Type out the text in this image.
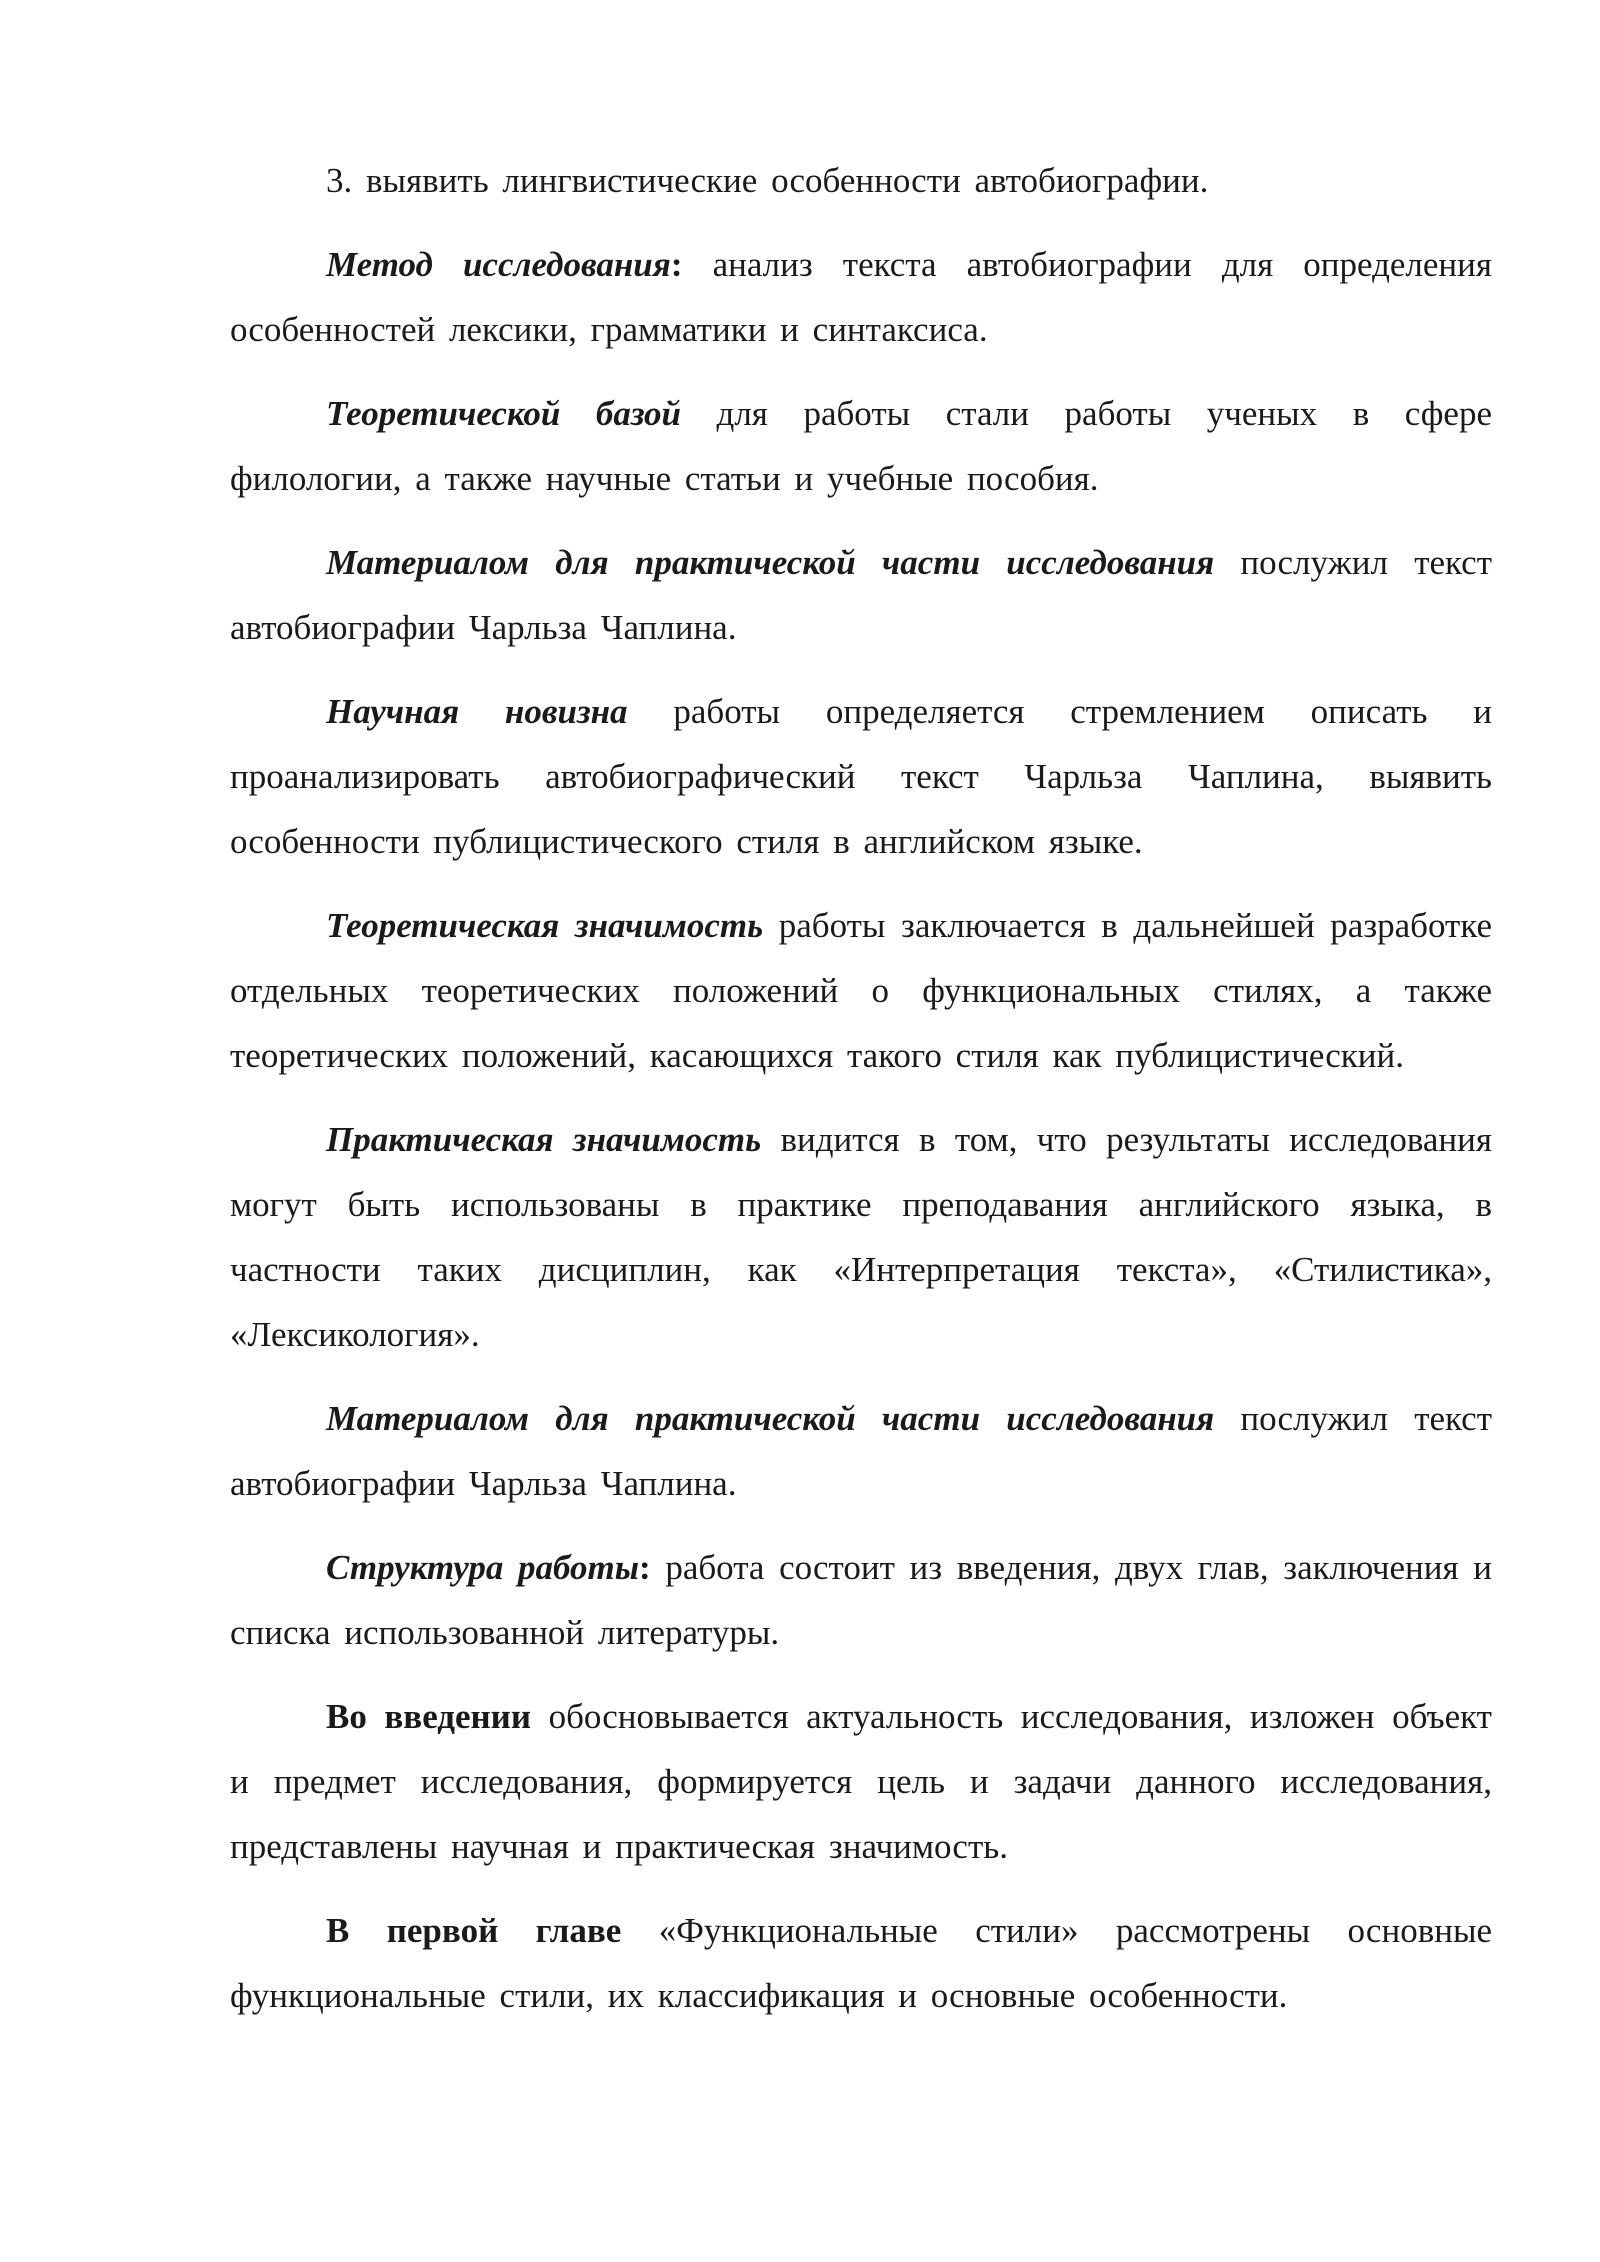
3. выявить лингвистические особенности автобиографии.

Метод исследования: анализ текста автобиографии для определения особенностей лексики, грамматики и синтаксиса.

Теоретической базой для работы стали работы ученых в сфере филологии, а также научные статьи и учебные пособия.

Материалом для практической части исследования послужил текст автобиографии Чарльза Чаплина.

Научная новизна работы определяется стремлением описать и проанализировать автобиографический текст Чарльза Чаплина, выявить особенности публицистического стиля в английском языке.

Теоретическая значимость работы заключается в дальнейшей разработке отдельных теоретических положений о функциональных стилях, а также теоретических положений, касающихся такого стиля как публицистический.

Практическая значимость видится в том, что результаты исследования могут быть использованы в практике преподавания английского языка, в частности таких дисциплин, как «Интерпретация текста», «Стилистика», «Лексикология».

Материалом для практической части исследования послужил текст автобиографии Чарльза Чаплина.

Структура работы: работа состоит из введения, двух глав, заключения и списка использованной литературы.

Во введении обосновывается актуальность исследования, изложен объект и предмет исследования, формируется цель и задачи данного исследования, представлены научная и практическая значимость.

В первой главе «Функциональные стили» рассмотрены основные функциональные стили, их классификация и основные особенности.
